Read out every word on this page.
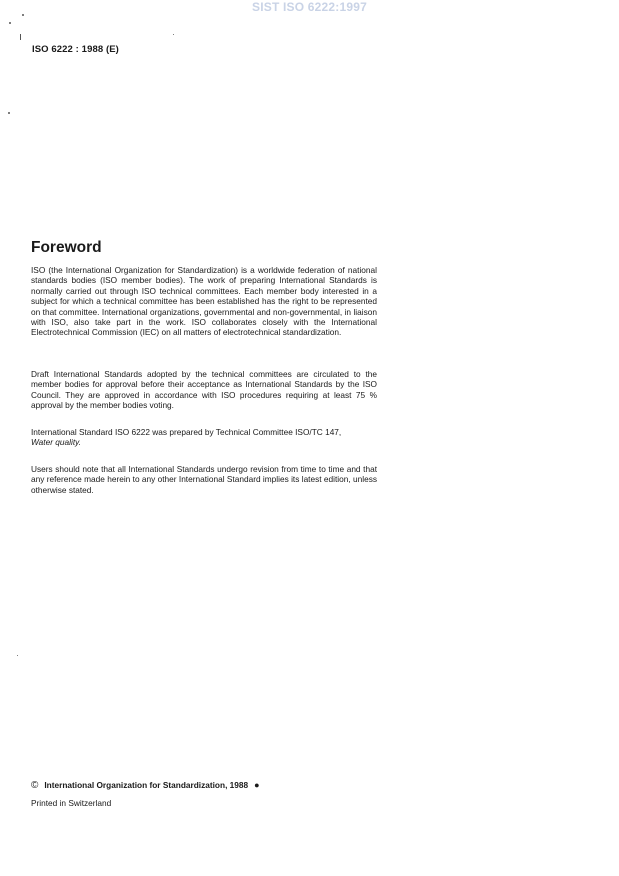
SIST ISO 6222:1997
ISO 6222 : 1988 (E)
Foreword

ISO (the International Organization for Standardization) is a worldwide federation of national standards bodies (ISO member bodies). The work of preparing International Standards is normally carried out through ISO technical committees. Each member body interested in a subject for which a technical committee has been established has the right to be represented on that committee. International organizations, governmental and non-governmental, in liaison with ISO, also take part in the work. ISO collaborates closely with the International Electrotechnical Commission (IEC) on all matters of electrotechnical standardization.

Draft International Standards adopted by the technical committees are circulated to the member bodies for approval before their acceptance as International Standards by the ISO Council. They are approved in accordance with ISO procedures requiring at least 75 % approval by the member bodies voting.

International Standard ISO 6222 was prepared by Technical Committee ISO/TC 147,
Water quality.

Users should note that all International Standards undergo revision from time to time and that any reference made herein to any other International Standard implies its latest edition, unless otherwise stated.

© International Organization for Standardization, 1988 ●
Printed in Switzerland
